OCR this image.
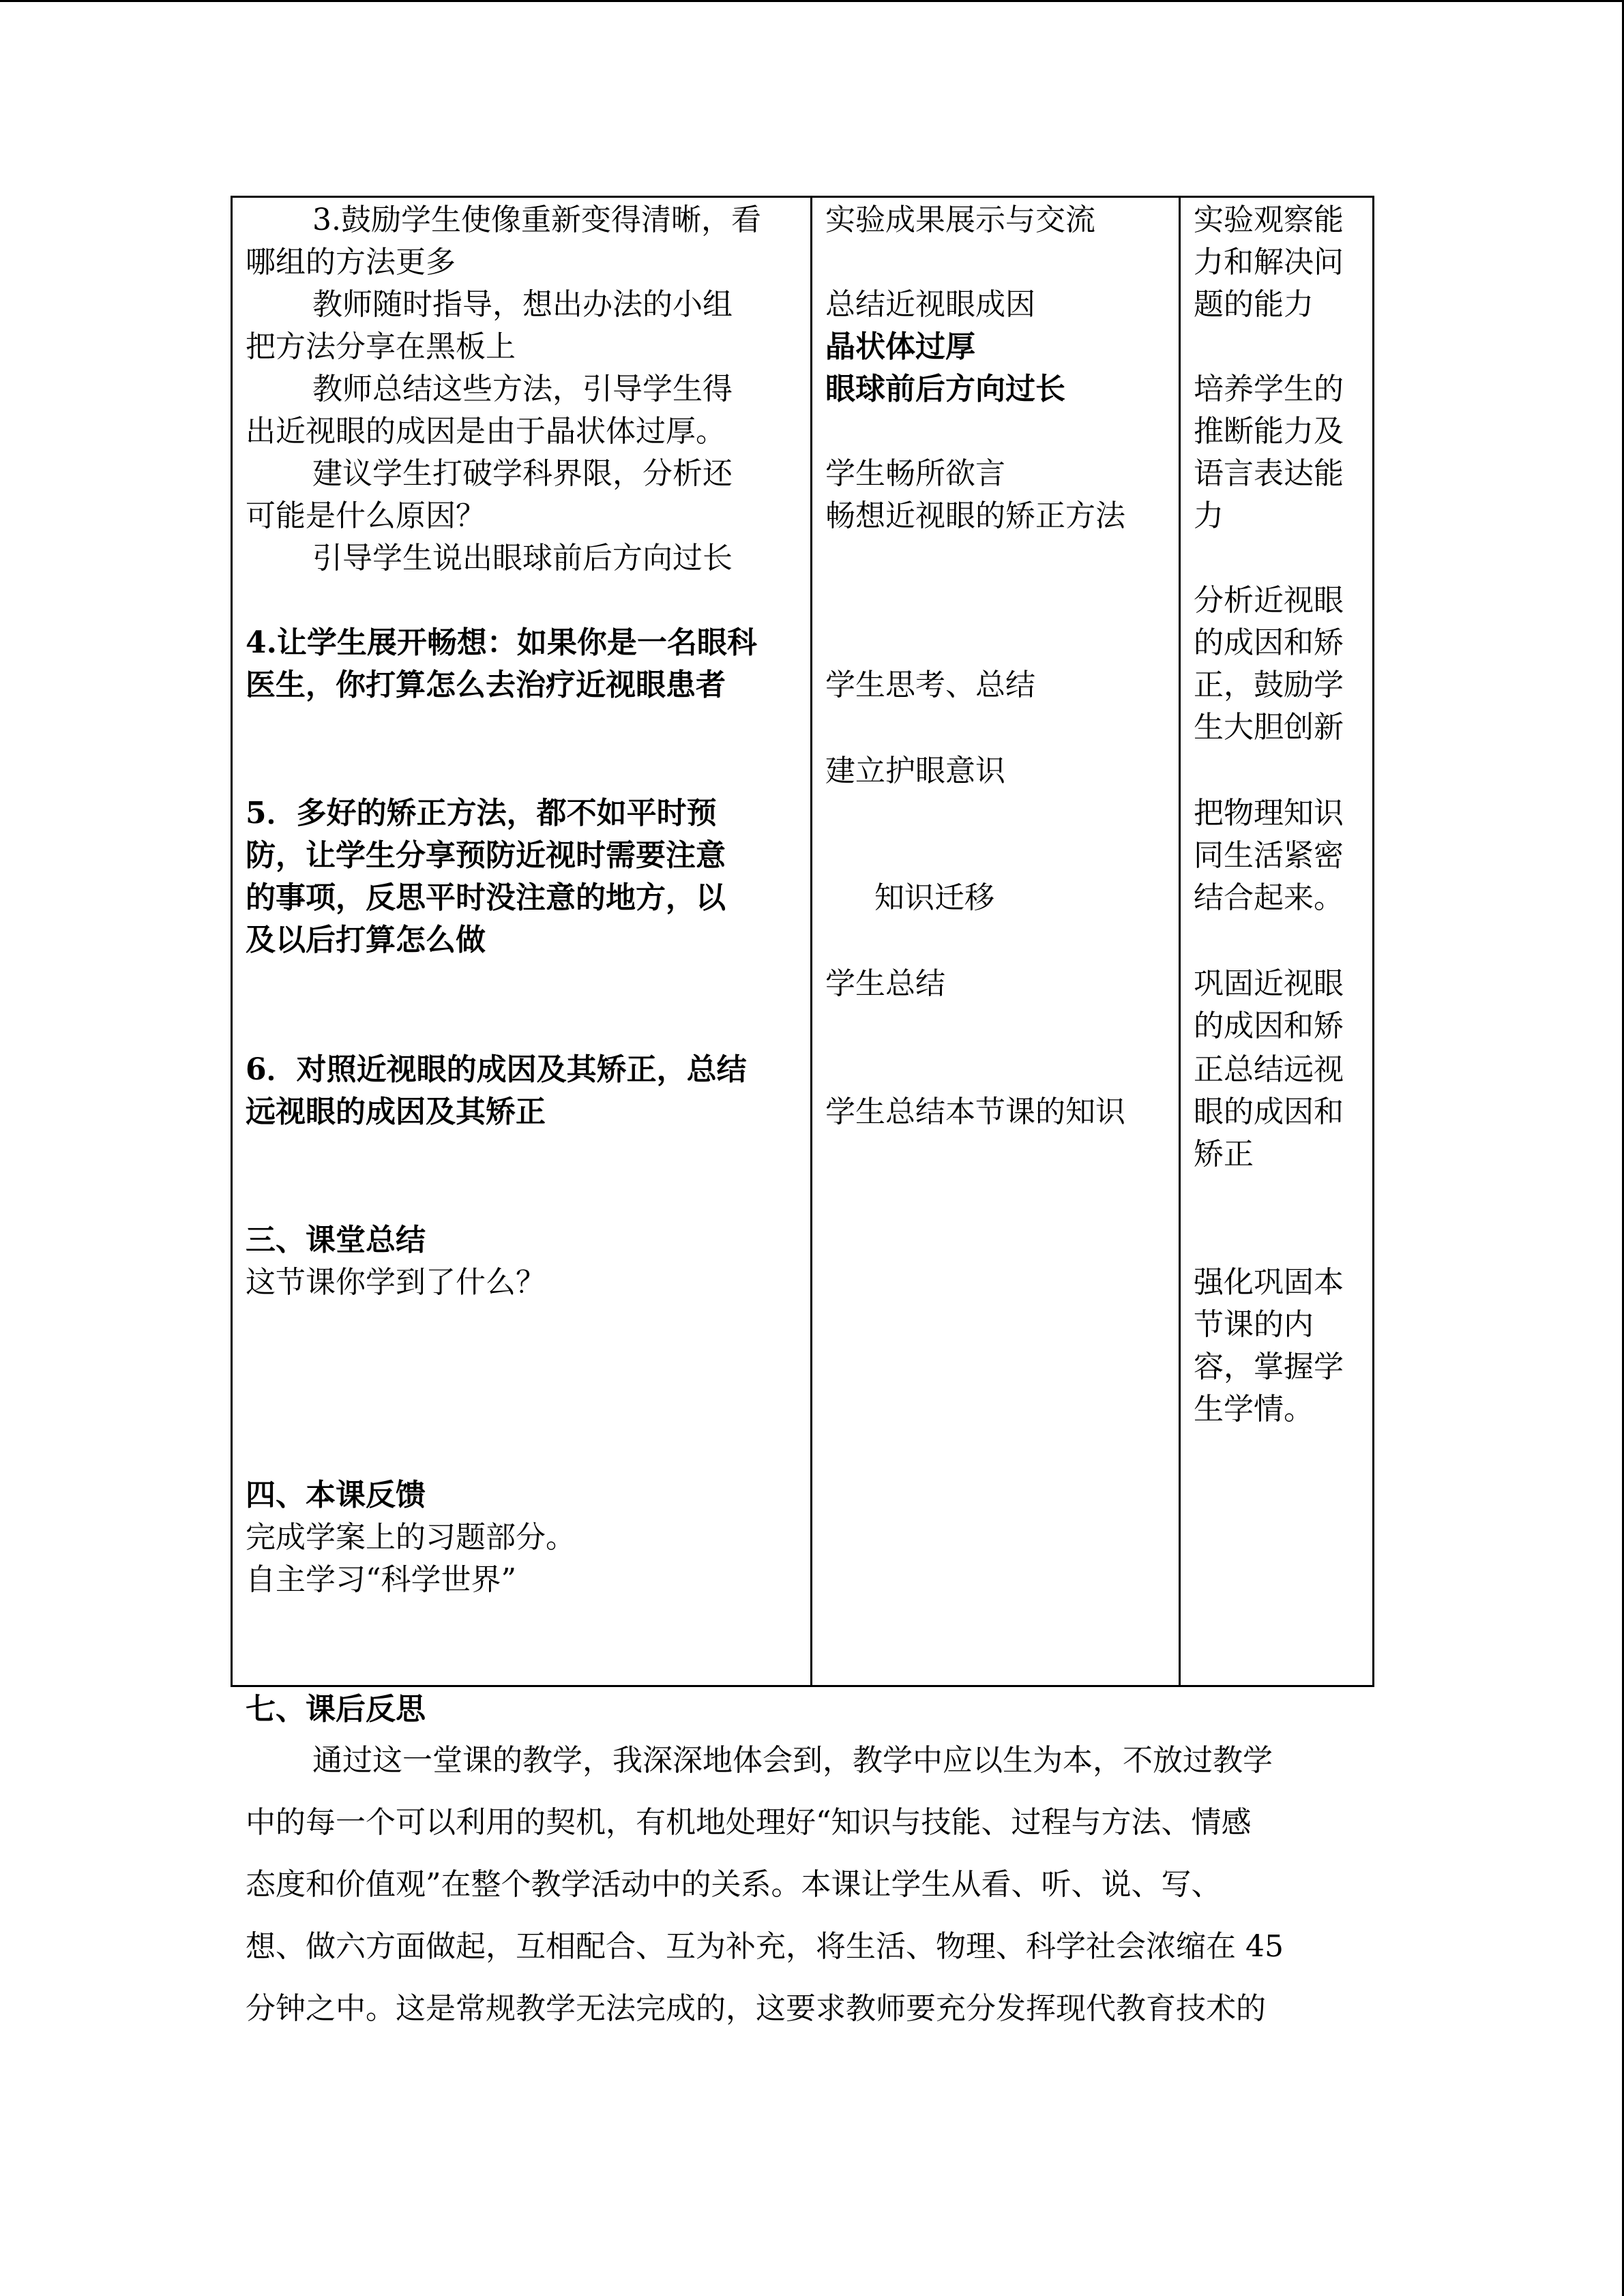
3.鼓励学生使像重新变得清晰，看
哪组的方法更多
教师随时指导，想出办法的小组
把方法分享在黑板上
教师总结这些方法，引导学生得
出近视眼的成因是由于晶状体过厚。
建议学生打破学科界限，分析还
可能是什么原因？
引导学生说出眼球前后方向过长
4.让学生展开畅想：如果你是一名眼科
医生，你打算怎么去治疗近视眼患者
5．多好的矫正方法，都不如平时预
防，让学生分享预防近视时需要注意
的事项，反思平时没注意的地方，以
及以后打算怎么做
6．对照近视眼的成因及其矫正，总结
远视眼的成因及其矫正
三、课堂总结
这节课你学到了什么？
四、本课反馈
完成学案上的习题部分。
自主学习“科学世界”
实验成果展示与交流
总结近视眼成因
晶状体过厚
眼球前后方向过长
学生畅所欲言
畅想近视眼的矫正方法
学生思考、总结
建立护眼意识
知识迁移
学生总结
学生总结本节课的知识
实验观察能
力和解决问
题的能力
培养学生的
推断能力及
语言表达能
力
分析近视眼
的成因和矫
正，鼓励学
生大胆创新
把物理知识
同生活紧密
结合起来。
巩固近视眼
的成因和矫
正总结远视
眼的成因和
矫正
强化巩固本
节课的内
容，掌握学
生学情。
七、课后反思
通过这一堂课的教学，我深深地体会到，教学中应以生为本，不放过教学
中的每一个可以利用的契机，有机地处理好“知识与技能、过程与方法、情感
态度和价值观”在整个教学活动中的关系。本课让学生从看、听、说、写、
想、做六方面做起，互相配合、互为补充，将生活、物理、科学社会浓缩在 45
分钟之中。这是常规教学无法完成的，这要求教师要充分发挥现代教育技术的
